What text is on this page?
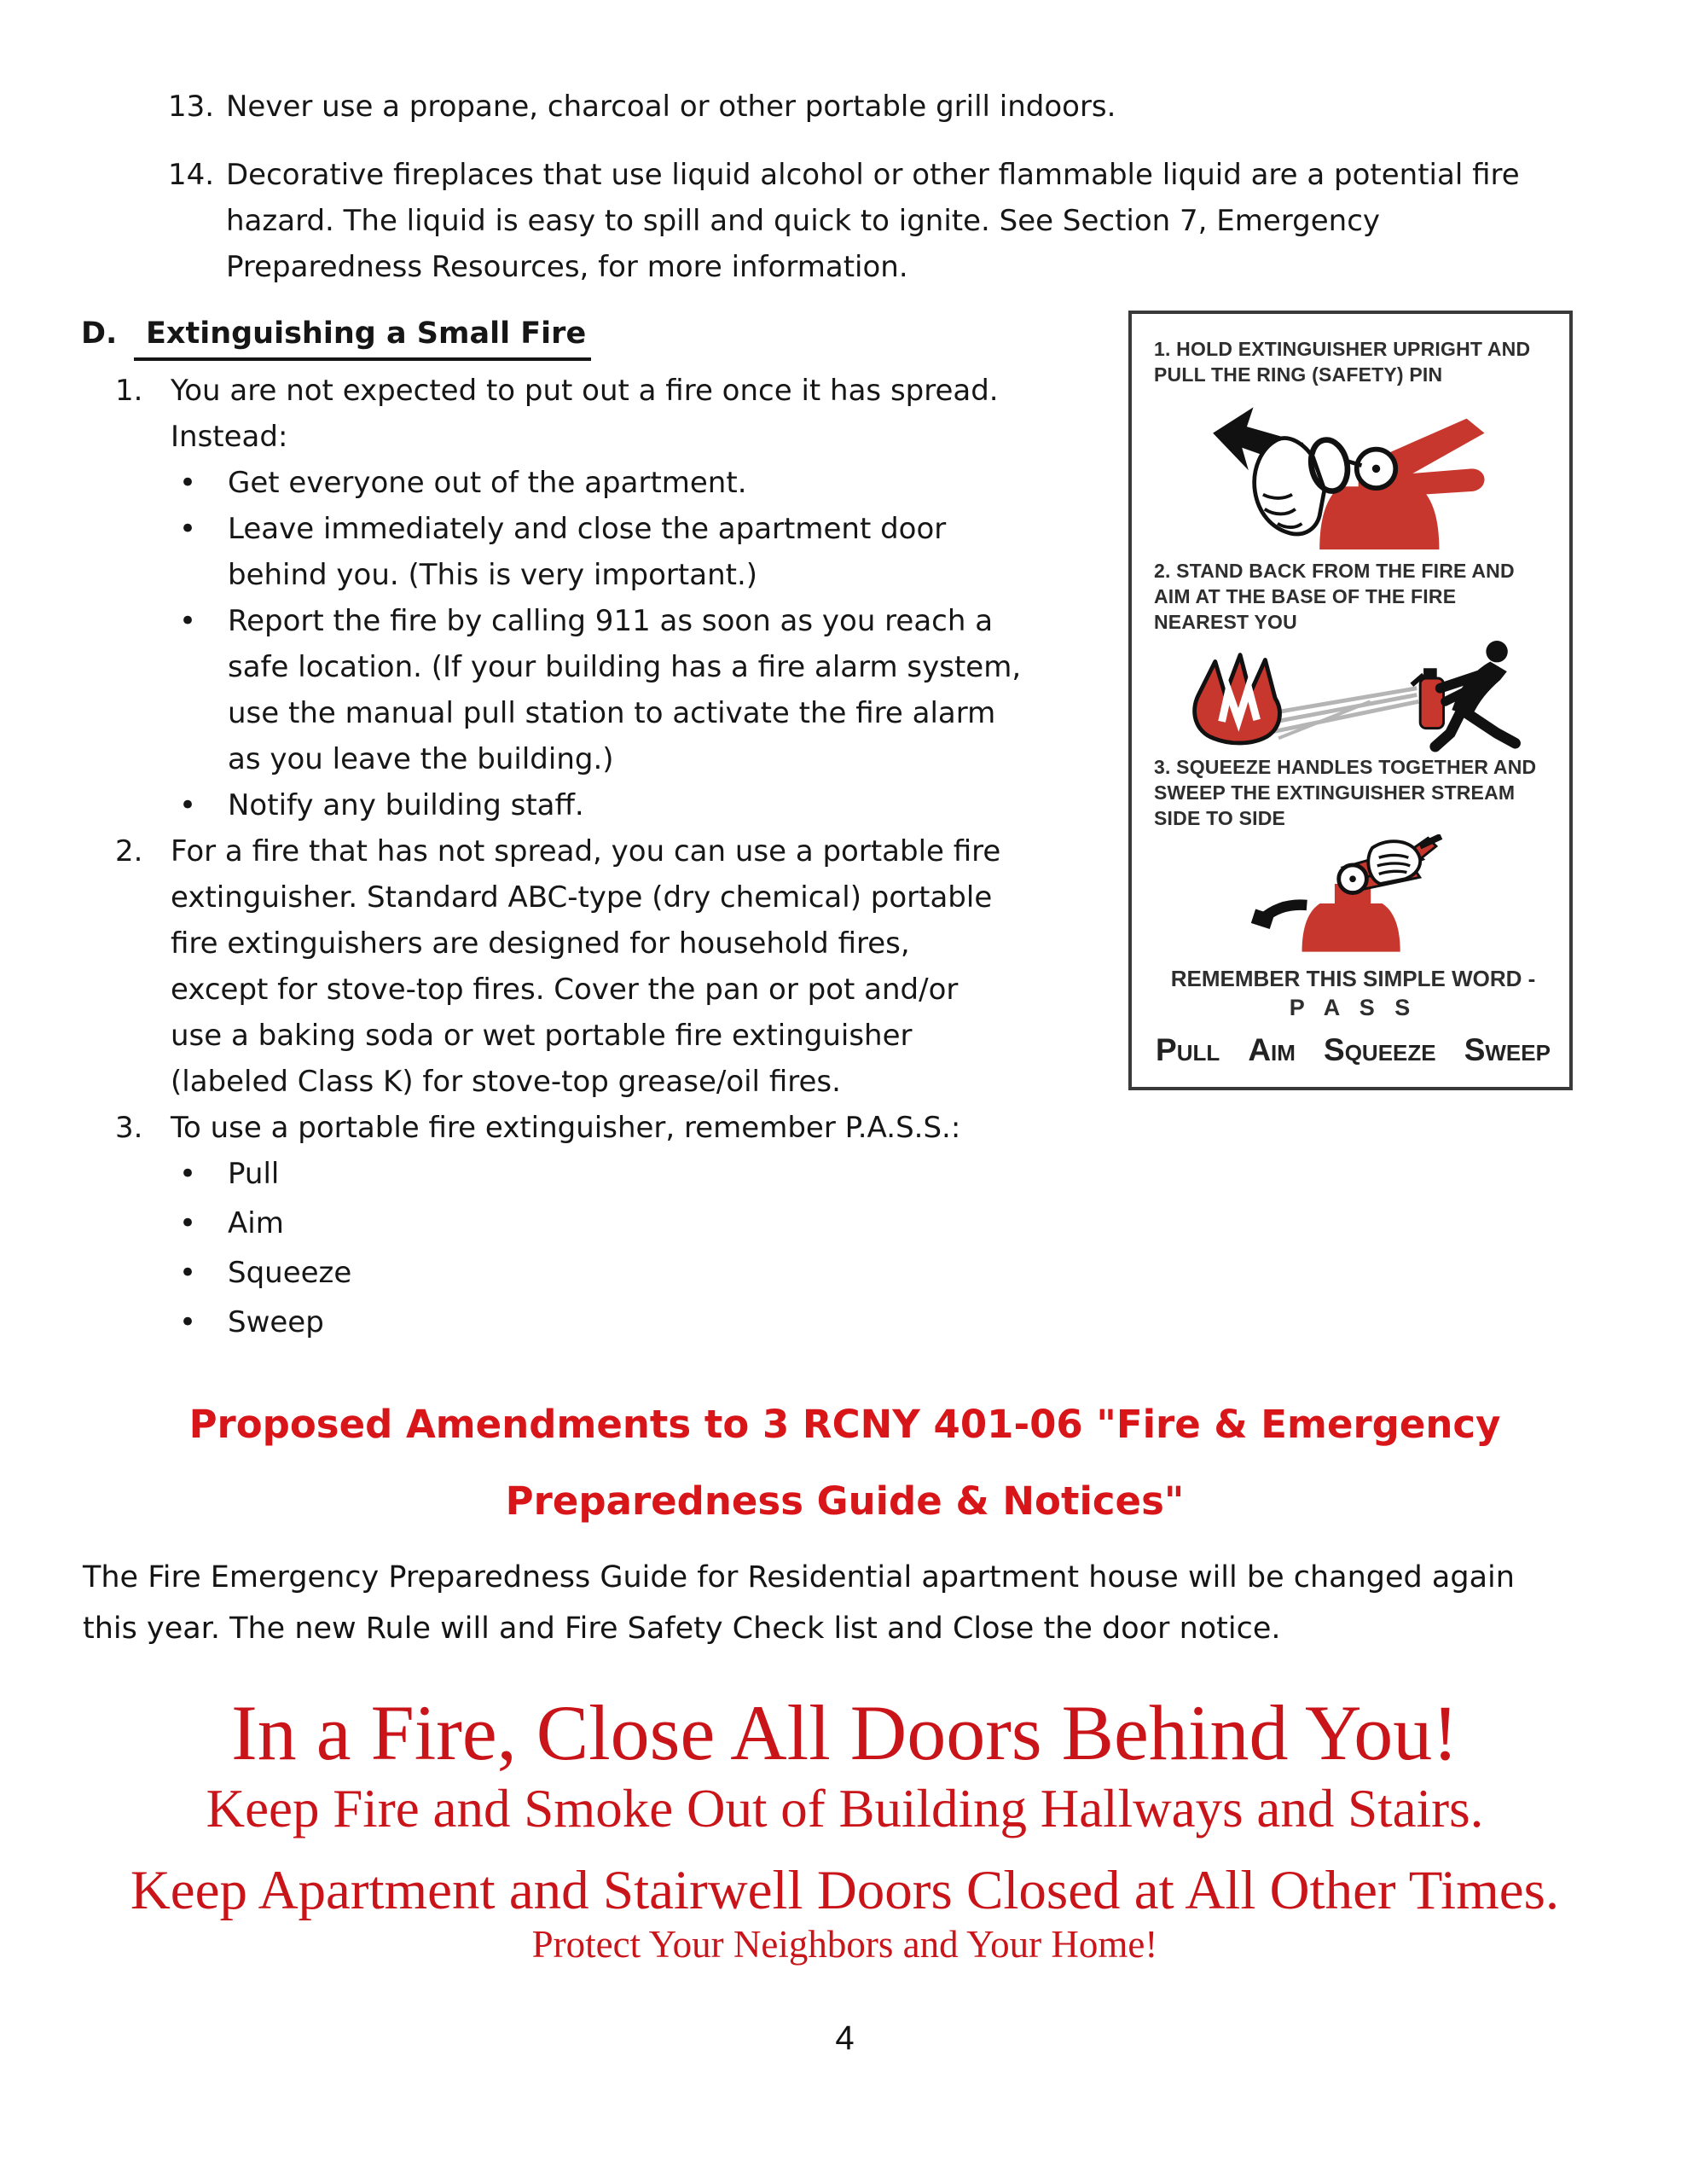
13. Never use a propane, charcoal or other portable grill indoors.
14. Decorative fireplaces that use liquid alcohol or other flammable liquid are a potential fire hazard. The liquid is easy to spill and quick to ignite. See Section 7, Emergency Preparedness Resources, for more information.
D. Extinguishing a Small Fire
1. You are not expected to put out a fire once it has spread. Instead:
•	Get everyone out of the apartment.
•	Leave immediately and close the apartment door behind you. (This is very important.)
•	Report the fire by calling 911 as soon as you reach a safe location. (If your building has a fire alarm system, use the manual pull station to activate the fire alarm as you leave the building.)
•	Notify any building staff.
2. For a fire that has not spread, you can use a portable fire extinguisher. Standard ABC-type (dry chemical) portable fire extinguishers are designed for household fires, except for stove-top fires. Cover the pan or pot and/or use a baking soda or wet portable fire extinguisher (labeled Class K) for stove-top grease/oil fires.
3. To use a portable fire extinguisher, remember P.A.S.S.:
•	Pull
•	Aim
•	Squeeze
•	Sweep
1. HOLD EXTINGUISHER UPRIGHT AND PULL THE RING (SAFETY) PIN
2. STAND BACK FROM THE FIRE AND AIM AT THE BASE OF THE FIRE NEAREST YOU
3. SQUEEZE HANDLES TOGETHER AND SWEEP THE EXTINGUISHER STREAM SIDE TO SIDE
REMEMBER THIS SIMPLE WORD -
P A S S
Pull aim squeeze sweep
Proposed Amendments to 3 RCNY 401-06 "Fire & Emergency
Preparedness Guide & Notices"
The Fire Emergency Preparedness Guide for Residential apartment house will be changed again
this year. The new Rule will and Fire Safety Check list and Close the door notice.
In a Fire, Close All Doors Behind You!
Keep Fire and Smoke Out of Building Hallways and Stairs.
Keep Apartment and Stairwell Doors Closed at All Other Times.
Protect Your Neighbors and Your Home!
4
